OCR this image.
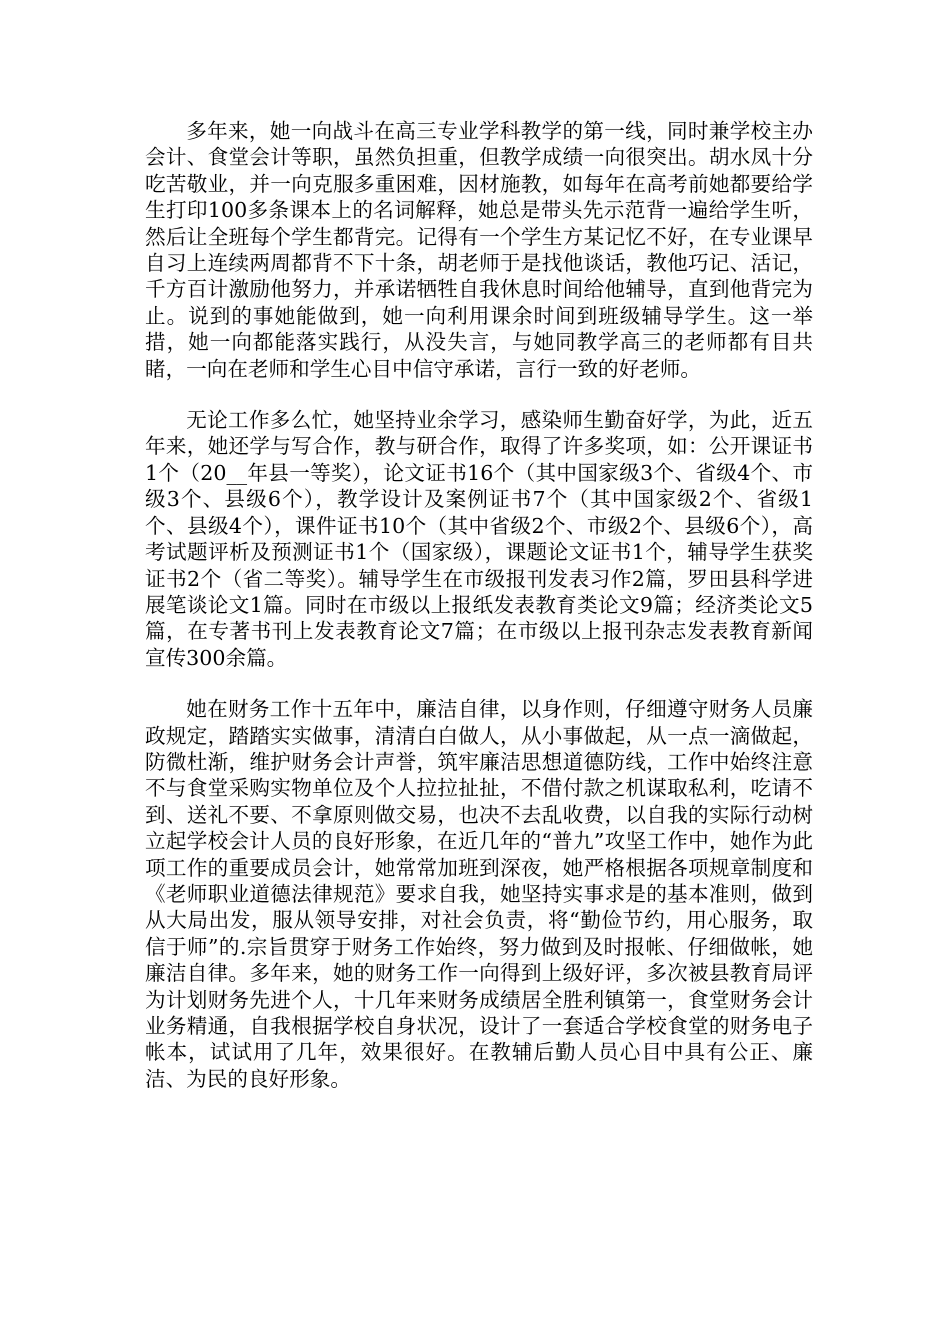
多年来，她一向战斗在高三专业学科教学的第一线，同时兼学校主办会计、食堂会计等职，虽然负担重，但教学成绩一向很突出。胡水凤十分吃苦敬业，并一向克服多重困难，因材施教，如每年在高考前她都要给学生打印100多条课本上的名词解释，她总是带头先示范背一遍给学生听，然后让全班每个学生都背完。记得有一个学生方某记忆不好，在专业课早自习上连续两周都背不下十条，胡老师于是找他谈话，教他巧记、活记，千方百计激励他努力，并承诺牺牲自我休息时间给他辅导，直到他背完为止。说到的事她能做到，她一向利用课余时间到班级辅导学生。这一举措，她一向都能落实践行，从没失言，与她同教学高三的老师都有目共睹，一向在老师和学生心目中信守承诺，言行一致的好老师。

无论工作多么忙，她坚持业余学习，感染师生勤奋好学，为此，近五年来，她还学与写合作，教与研合作，取得了许多奖项，如：公开课证书1个（20__年县一等奖），论文证书16个（其中国家级3个、省级4个、市级3个、县级6个），教学设计及案例证书7个（其中国家级2个、省级1个、县级4个），课件证书10个（其中省级2个、市级2个、县级6个），高考试题评析及预测证书1个（国家级），课题论文证书1个，辅导学生获奖证书2个（省二等奖）。辅导学生在市级报刊发表习作2篇，罗田县科学进展笔谈论文1篇。同时在市级以上报纸发表教育类论文9篇；经济类论文5篇，在专著书刊上发表教育论文7篇；在市级以上报刊杂志发表教育新闻宣传300余篇。

她在财务工作十五年中，廉洁自律，以身作则，仔细遵守财务人员廉政规定，踏踏实实做事，清清白白做人，从小事做起，从一点一滴做起，防微杜渐，维护财务会计声誉，筑牢廉洁思想道德防线，工作中始终注意不与食堂采购实物单位及个人拉拉扯扯，不借付款之机谋取私利，吃请不到、送礼不要、不拿原则做交易，也决不去乱收费，以自我的实际行动树立起学校会计人员的良好形象，在近几年的“普九”攻坚工作中，她作为此项工作的重要成员会计，她常常加班到深夜，她严格根据各项规章制度和《老师职业道德法律规范》要求自我，她坚持实事求是的基本准则，做到从大局出发，服从领导安排，对社会负责，将“勤俭节约，用心服务，取信于师”的.宗旨贯穿于财务工作始终，努力做到及时报帐、仔细做帐，她廉洁自律。多年来，她的财务工作一向得到上级好评，多次被县教育局评为计划财务先进个人，十几年来财务成绩居全胜利镇第一，食堂财务会计业务精通，自我根据学校自身状况，设计了一套适合学校食堂的财务电子帐本，试试用了几年，效果很好。在教辅后勤人员心目中具有公正、廉洁、为民的良好形象。
